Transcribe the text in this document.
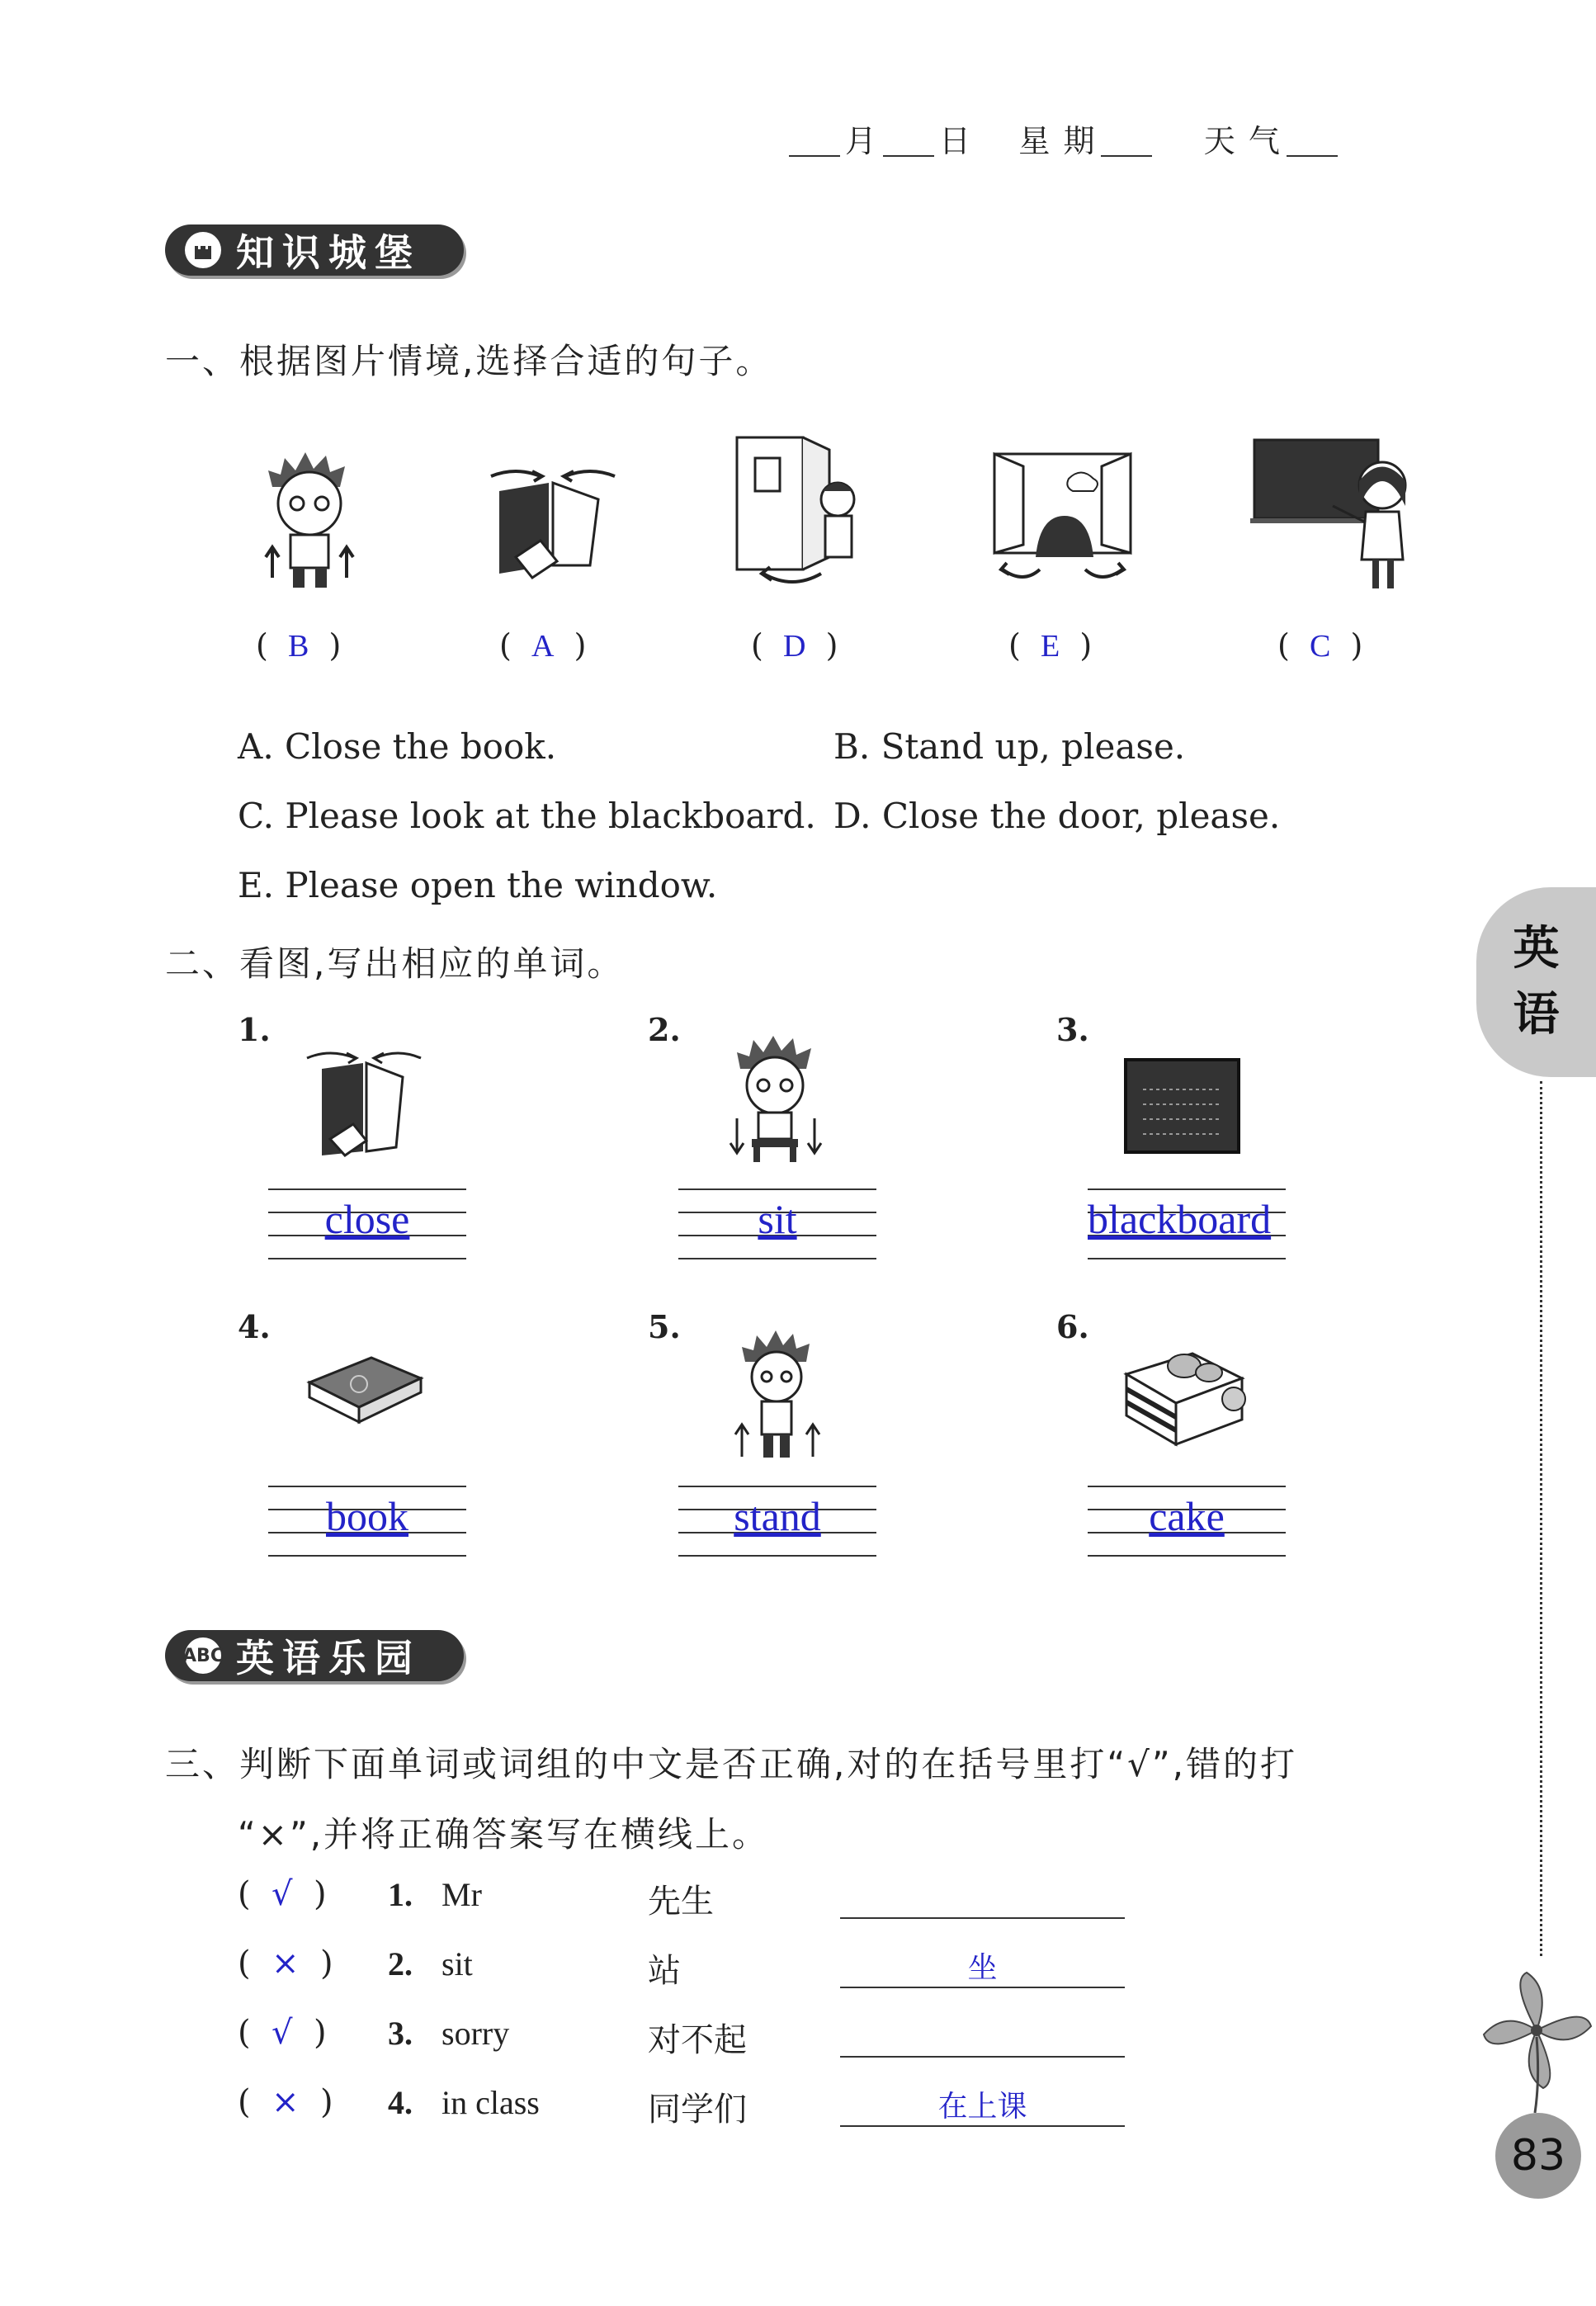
月 日 星 期	天 气
知识城堡
一、根据图片情境,选择合适的句子。
(  B  )	(  A  )	(  D  )	(  E  )	(  C  )
A. Close the book.	B. Stand up, please.
C. Please look at the blackboard. D. Close the door, please.
E. Please open the window.
二、看图,写出相应的单词。
1.	2.	3.
4.	5.	6.
close	sit	blackboard
book	stand	cake
ABC 英语乐园
三、判断下面单词或词组的中文是否正确,对的在括号里打“√”,错的打
“×”,并将正确答案写在横线上。
(  √  ) 1. Mr	先生
(  ×  ) 2. sit	站	坐
(  √  ) 3. sorry	对不起
(  ×  ) 4. in class	同学们	在上课
英
语
83
